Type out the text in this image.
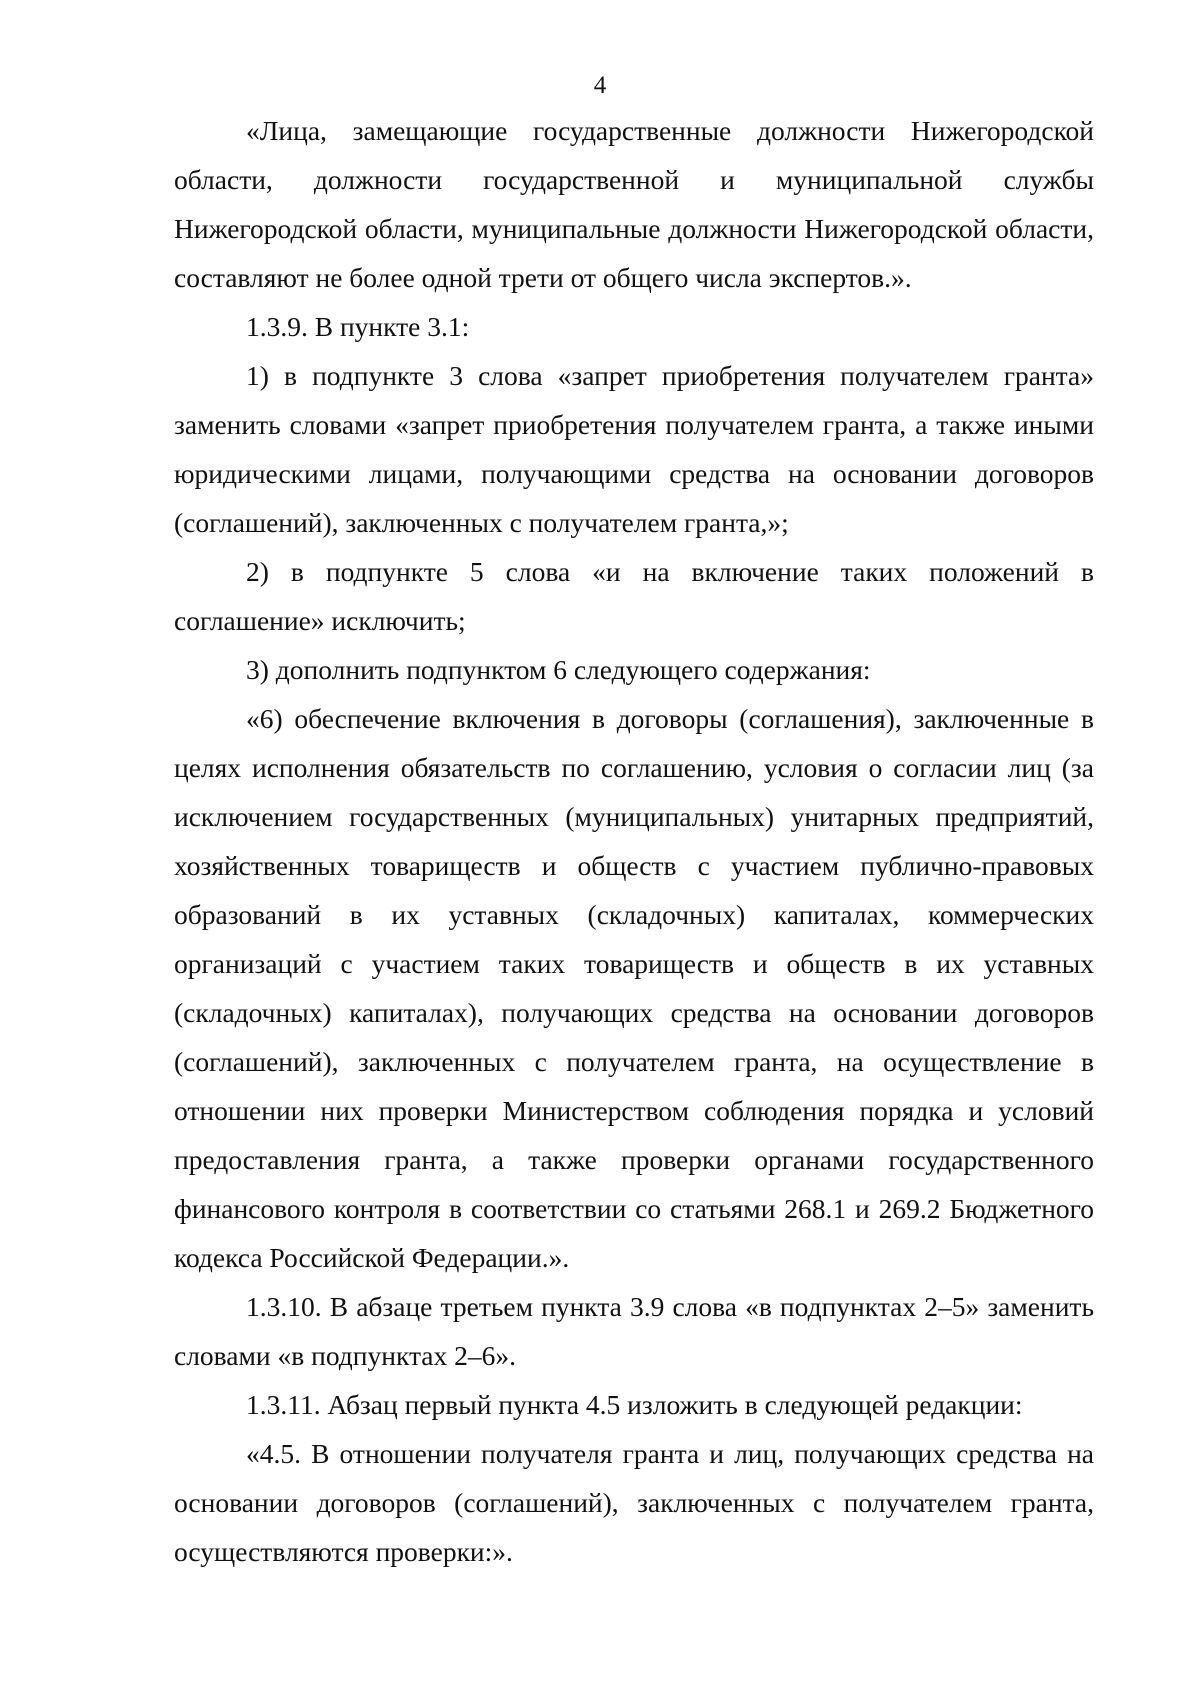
4

«Лица, замещающие государственные должности Нижегородской области, должности государственной и муниципальной службы Нижегородской области, муниципальные должности Нижегородской области, составляют не более одной трети от общего числа экспертов.».

1.3.9. В пункте 3.1:

1) в подпункте 3 слова «запрет приобретения получателем гранта» заменить словами «запрет приобретения получателем гранта, а также иными юридическими лицами, получающими средства на основании договоров (соглашений), заключенных с получателем гранта,»;

2) в подпункте 5 слова «и на включение таких положений в соглашение» исключить;

3) дополнить подпунктом 6 следующего содержания:

«6) обеспечение включения в договоры (соглашения), заключенные в целях исполнения обязательств по соглашению, условия о согласии лиц (за исключением государственных (муниципальных) унитарных предприятий, хозяйственных товариществ и обществ с участием публично-правовых образований в их уставных (складочных) капиталах, коммерческих организаций с участием таких товариществ и обществ в их уставных (складочных) капиталах), получающих средства на основании договоров (соглашений), заключенных с получателем гранта, на осуществление в отношении них проверки Министерством соблюдения порядка и условий предоставления гранта, а также проверки органами государственного финансового контроля в соответствии со статьями 268.1 и 269.2 Бюджетного кодекса Российской Федерации.».

1.3.10. В абзаце третьем пункта 3.9 слова «в подпунктах 2–5» заменить словами «в подпунктах 2–6».

1.3.11. Абзац первый пункта 4.5 изложить в следующей редакции:

«4.5. В отношении получателя гранта и лиц, получающих средства на основании договоров (соглашений), заключенных с получателем гранта, осуществляются проверки:».
